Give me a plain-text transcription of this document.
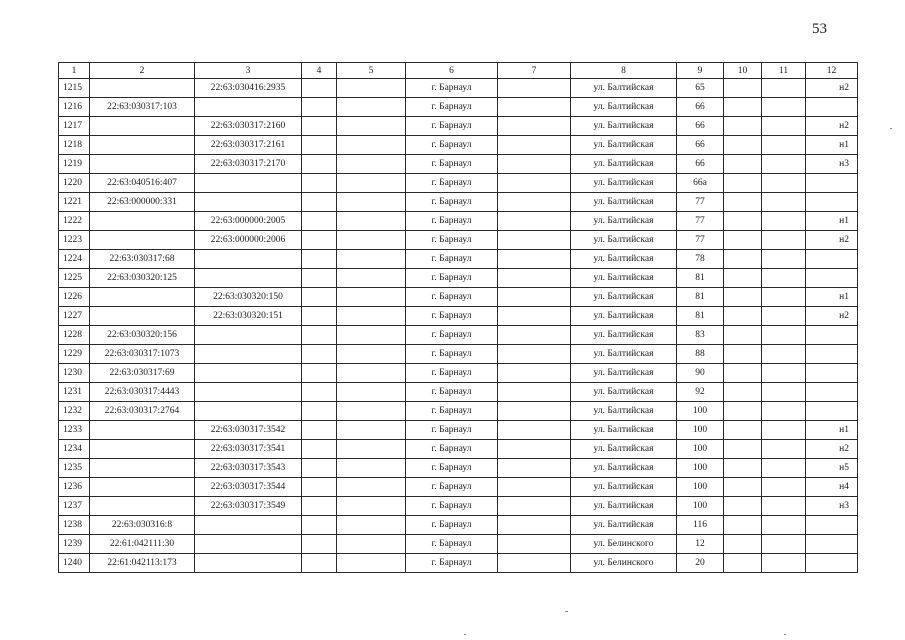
53
1	2	3	4	5	6	7	8	9	10	11	12
1215		22:63:030416:2935			г. Барнаул		ул. Балтийская	65			н2
1216	22:63:030317:103				г. Барнаул		ул. Балтийская	66			
1217		22:63:030317:2160			г. Барнаул		ул. Балтийская	66			н2
1218		22:63:030317:2161			г. Барнаул		ул. Балтийская	66			н1
1219		22:63:030317:2170			г. Барнаул		ул. Балтийская	66			н3
1220	22:63:040516:407				г. Барнаул		ул. Балтийская	66а			
1221	22:63:000000:331				г. Барнаул		ул. Балтийская	77			
1222		22:63:000000:2005			г. Барнаул		ул. Балтийская	77			н1
1223		22:63:000000:2006			г. Барнаул		ул. Балтийская	77			н2
1224	22:63:030317:68				г. Барнаул		ул. Балтийская	78			
1225	22:63:030320:125				г. Барнаул		ул. Балтийская	81			
1226		22:63:030320:150			г. Барнаул		ул. Балтийская	81			н1
1227		22:63:030320:151			г. Барнаул		ул. Балтийская	81			н2
1228	22:63:030320:156				г. Барнаул		ул. Балтийская	83			
1229	22:63:030317:1073				г. Барнаул		ул. Балтийская	88			
1230	22:63:030317:69				г. Барнаул		ул. Балтийская	90			
1231	22:63:030317:4443				г. Барнаул		ул. Балтийская	92			
1232	22:63:030317:2764				г. Барнаул		ул. Балтийская	100			
1233		22:63:030317:3542			г. Барнаул		ул. Балтийская	100			н1
1234		22:63:030317:3541			г. Барнаул		ул. Балтийская	100			н2
1235		22:63:030317:3543			г. Барнаул		ул. Балтийская	100			н5
1236		22:63:030317:3544			г. Барнаул		ул. Балтийская	100			н4
1237		22:63:030317:3549			г. Барнаул		ул. Балтийская	100			н3
1238	22:63:030316:8				г. Барнаул		ул. Балтийская	116			
1239	22:61:042111:30				г. Барнаул		ул. Белинского	12			
1240	22:61:042113:173				г. Барнаул		ул. Белинского	20			
